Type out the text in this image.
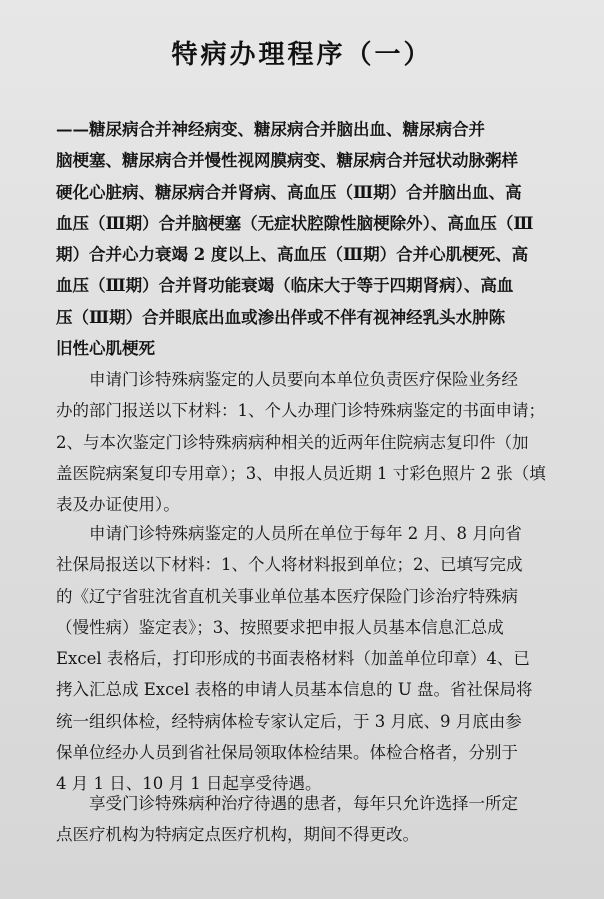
特病办理程序（一）
——糖尿病合并神经病变、糖尿病合并脑出血、糖尿病合并
脑梗塞、糖尿病合并慢性视网膜病变、糖尿病合并冠状动脉粥样
硬化心脏病、糖尿病合并肾病、高血压（Ⅲ期）合并脑出血、高
血压（Ⅲ期）合并脑梗塞（无症状腔隙性脑梗除外）、高血压（Ⅲ
期）合并心力衰竭 2 度以上、高血压（Ⅲ期）合并心肌梗死、高
血压（Ⅲ期）合并肾功能衰竭（临床大于等于四期肾病）、高血
压（Ⅲ期）合并眼底出血或渗出伴或不伴有视神经乳头水肿陈
旧性心肌梗死
申请门诊特殊病鉴定的人员要向本单位负责医疗保险业务经
办的部门报送以下材料：1、个人办理门诊特殊病鉴定的书面申请；
2、与本次鉴定门诊特殊病病种相关的近两年住院病志复印件（加
盖医院病案复印专用章）；3、申报人员近期 1 寸彩色照片 2 张（填
表及办证使用）。
申请门诊特殊病鉴定的人员所在单位于每年 2 月、8 月向省
社保局报送以下材料：1、个人将材料报到单位；2、已填写完成
的《辽宁省驻沈省直机关事业单位基本医疗保险门诊治疗特殊病
（慢性病）鉴定表》；3、按照要求把申报人员基本信息汇总成
Excel 表格后，打印形成的书面表格材料（加盖单位印章）4、已
拷入汇总成 Excel 表格的申请人员基本信息的 U 盘。省社保局将
统一组织体检，经特病体检专家认定后，于 3 月底、9 月底由参
保单位经办人员到省社保局领取体检结果。体检合格者，分别于
4 月 1 日、10 月 1 日起享受待遇。
享受门诊特殊病种治疗待遇的患者，每年只允许选择一所定
点医疗机构为特病定点医疗机构，期间不得更改。
